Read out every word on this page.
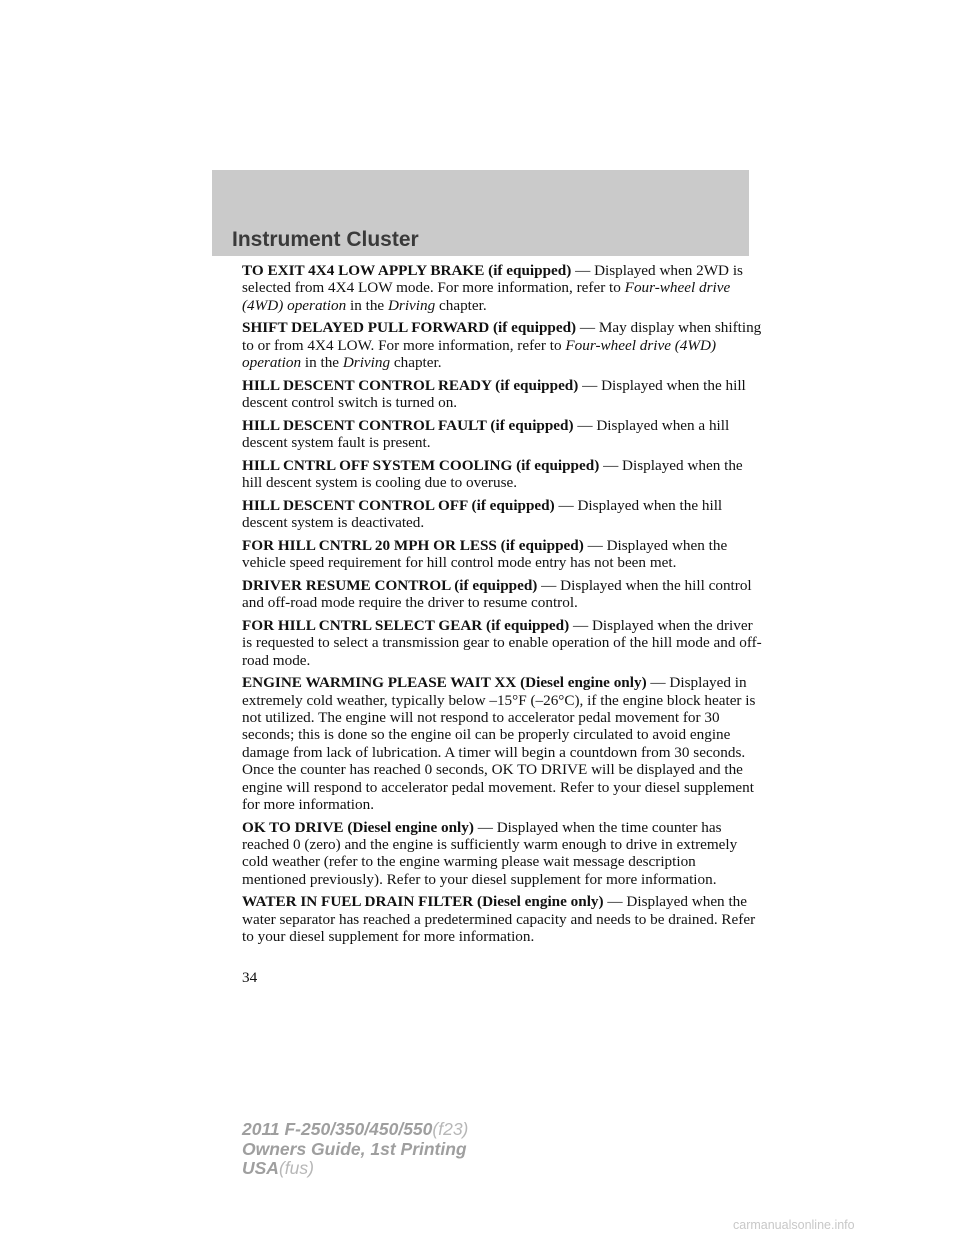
Instrument Cluster

TO EXIT 4X4 LOW APPLY BRAKE (if equipped) — Displayed when 2WD is selected from 4X4 LOW mode. For more information, refer to Four-wheel drive (4WD) operation in the Driving chapter.

SHIFT DELAYED PULL FORWARD (if equipped) — May display when shifting to or from 4X4 LOW. For more information, refer to Four-wheel drive (4WD) operation in the Driving chapter.

HILL DESCENT CONTROL READY (if equipped) — Displayed when the hill descent control switch is turned on.

HILL DESCENT CONTROL FAULT (if equipped) — Displayed when a hill descent system fault is present.

HILL CNTRL OFF SYSTEM COOLING (if equipped) — Displayed when the hill descent system is cooling due to overuse.

HILL DESCENT CONTROL OFF (if equipped) — Displayed when the hill descent system is deactivated.

FOR HILL CNTRL 20 MPH OR LESS (if equipped) — Displayed when the vehicle speed requirement for hill control mode entry has not been met.

DRIVER RESUME CONTROL (if equipped) — Displayed when the hill control and off-road mode require the driver to resume control.

FOR HILL CNTRL SELECT GEAR (if equipped) — Displayed when the driver is requested to select a transmission gear to enable operation of the hill mode and off-road mode.

ENGINE WARMING PLEASE WAIT XX (Diesel engine only) — Displayed in extremely cold weather, typically below –15°F (–26°C), if the engine block heater is not utilized. The engine will not respond to accelerator pedal movement for 30 seconds; this is done so the engine oil can be properly circulated to avoid engine damage from lack of lubrication. A timer will begin a countdown from 30 seconds. Once the counter has reached 0 seconds, OK TO DRIVE will be displayed and the engine will respond to accelerator pedal movement. Refer to your diesel supplement for more information.

OK TO DRIVE (Diesel engine only) — Displayed when the time counter has reached 0 (zero) and the engine is sufficiently warm enough to drive in extremely cold weather (refer to the engine warming please wait message description mentioned previously). Refer to your diesel supplement for more information.

WATER IN FUEL DRAIN FILTER (Diesel engine only) — Displayed when the water separator has reached a predetermined capacity and needs to be drained. Refer to your diesel supplement for more information.

34
2011 F-250/350/450/550(f23)
Owners Guide, 1st Printing
USA(fus)
carmanualsonline.info
